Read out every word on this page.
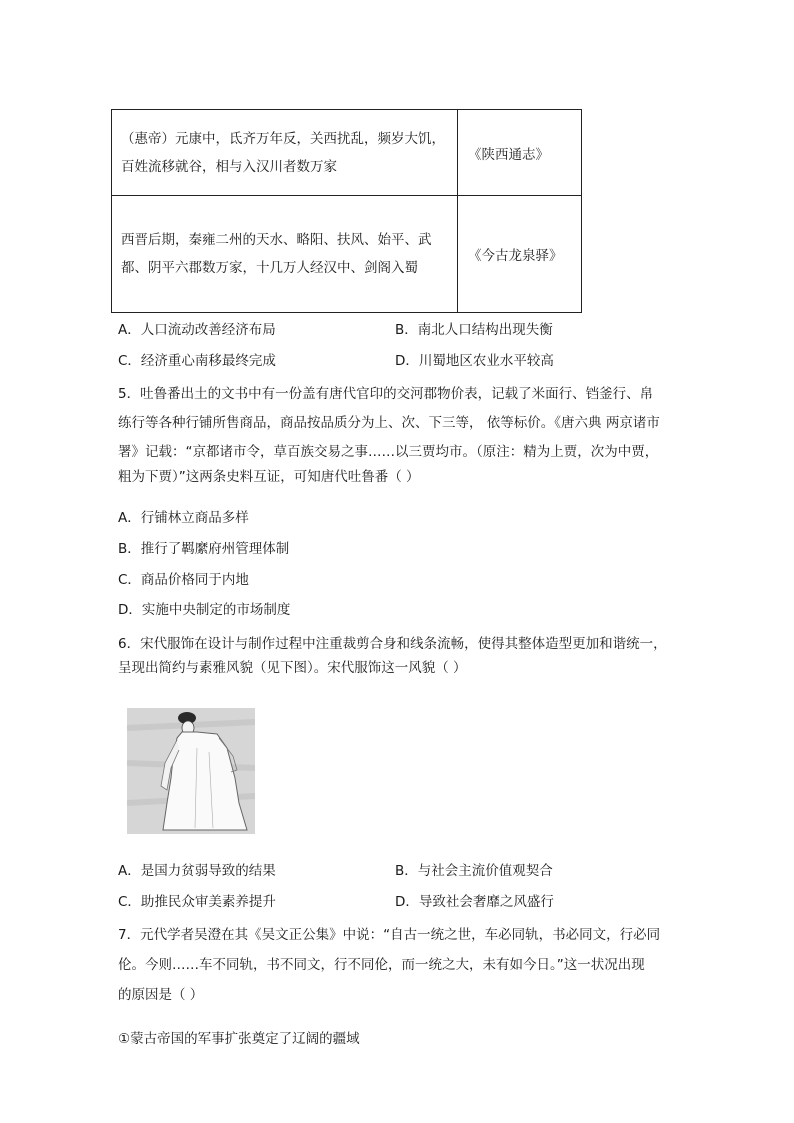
（惠帝）元康中，氐齐万年反，关西扰乱，频岁大饥，百姓流移就谷，相与入汉川者数万家	《陕西通志》
西晋后期，秦雍二州的天水、略阳、扶风、始平、武都、阴平六郡数万家，十几万人经汉中、剑阁入蜀	《今古龙泉驿》
A．人口流动改善经济布局	B．南北人口结构出现失衡
C．经济重心南移最终完成	D．川蜀地区农业水平较高
5．吐鲁番出土的文书中有一份盖有唐代官印的交河郡物价表，记载了米面行、铛釜行、帛
练行等各种行铺所售商品，商品按品质分为上、次、下三等， 依等标价。《唐六典 两京诸市
署》记载：“京都诸市令，草百族交易之事……以三贾均市。（原注：精为上贾，次为中贾，
粗为下贾）”这两条史料互证，可知唐代吐鲁番（ ）
A．行铺林立商品多样
B．推行了羁縻府州管理体制
C．商品价格同于内地
D．实施中央制定的市场制度
6．宋代服饰在设计与制作过程中注重裁剪合身和线条流畅，使得其整体造型更加和谐统一，
呈现出简约与素雅风貌（见下图）。宋代服饰这一风貌（ ）
A．是国力贫弱导致的结果	B．与社会主流价值观契合
C．助推民众审美素养提升	D．导致社会奢靡之风盛行
7．元代学者吴澄在其《吴文正公集》中说：“自古一统之世，车必同轨，书必同文，行必同
伦。今则……车不同轨，书不同文，行不同伦，而一统之大，未有如今日。”这一状况出现
的原因是（ ）
①蒙古帝国的军事扩张奠定了辽阔的疆域
